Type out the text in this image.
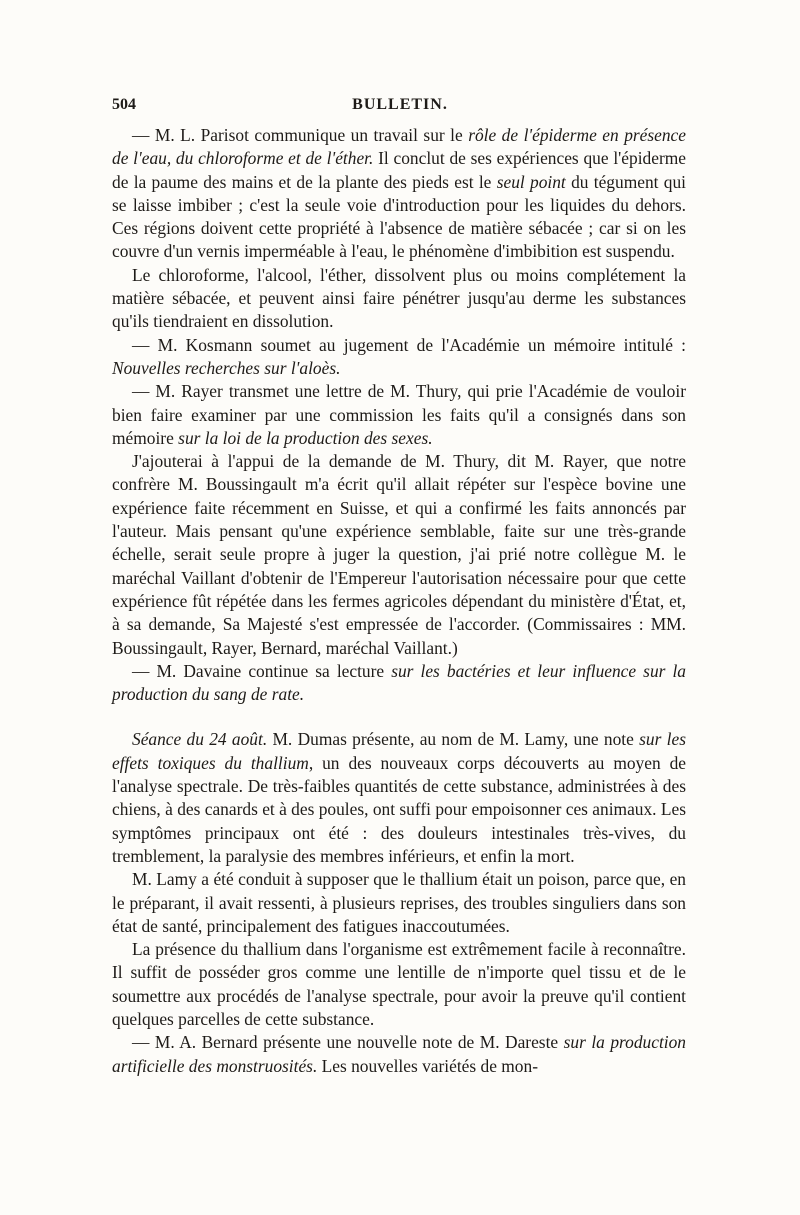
504	BULLETIN.

— M. L. Parisot communique un travail sur le rôle de l'épiderme en présence de l'eau, du chloroforme et de l'éther. Il conclut de ses expériences que l'épiderme de la paume des mains et de la plante des pieds est le seul point du tégument qui se laisse imbiber ; c'est la seule voie d'introduction pour les liquides du dehors. Ces régions doivent cette propriété à l'absence de matière sébacée ; car si on les couvre d'un vernis imperméable à l'eau, le phénomène d'imbibition est suspendu.

Le chloroforme, l'alcool, l'éther, dissolvent plus ou moins complétement la matière sébacée, et peuvent ainsi faire pénétrer jusqu'au derme les substances qu'ils tiendraient en dissolution.

— M. Kosmann soumet au jugement de l'Académie un mémoire intitulé : Nouvelles recherches sur l'aloès.

— M. Rayer transmet une lettre de M. Thury, qui prie l'Académie de vouloir bien faire examiner par une commission les faits qu'il a consignés dans son mémoire sur la loi de la production des sexes.

J'ajouterai à l'appui de la demande de M. Thury, dit M. Rayer, que notre confrère M. Boussingault m'a écrit qu'il allait répéter sur l'espèce bovine une expérience faite récemment en Suisse, et qui a confirmé les faits annoncés par l'auteur. Mais pensant qu'une expérience semblable, faite sur une très-grande échelle, serait seule propre à juger la question, j'ai prié notre collègue M. le maréchal Vaillant d'obtenir de l'Empereur l'autorisation nécessaire pour que cette expérience fût répétée dans les fermes agricoles dépendant du ministère d'État, et, à sa demande, Sa Majesté s'est empressée de l'accorder. (Commissaires : MM. Boussingault, Rayer, Bernard, maréchal Vaillant.)

— M. Davaine continue sa lecture sur les bactéries et leur influence sur la production du sang de rate.

Séance du 24 août. M. Dumas présente, au nom de M. Lamy, une note sur les effets toxiques du thallium, un des nouveaux corps découverts au moyen de l'analyse spectrale. De très-faibles quantités de cette substance, administrées à des chiens, à des canards et à des poules, ont suffi pour empoisonner ces animaux. Les symptômes principaux ont été : des douleurs intestinales très-vives, du tremblement, la paralysie des membres inférieurs, et enfin la mort.

M. Lamy a été conduit à supposer que le thallium était un poison, parce que, en le préparant, il avait ressenti, à plusieurs reprises, des troubles singuliers dans son état de santé, principalement des fatigues inaccoutumées.

La présence du thallium dans l'organisme est extrêmement facile à reconnaître. Il suffit de posséder gros comme une lentille de n'importe quel tissu et de le soumettre aux procédés de l'analyse spectrale, pour avoir la preuve qu'il contient quelques parcelles de cette substance.

— M. A. Bernard présente une nouvelle note de M. Dareste sur la production artificielle des monstruosités. Les nouvelles variétés de mon-
